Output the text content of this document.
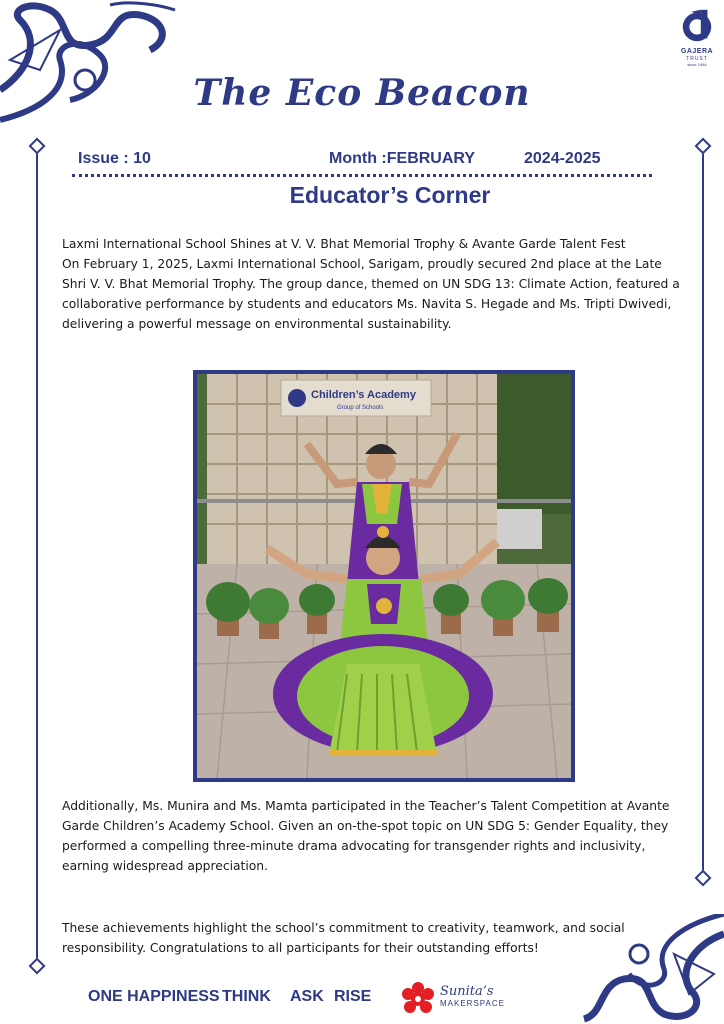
GAJERA
TRUST
since 1984
The Eco Beacon
Issue : 10	Month :FEBRUARY	2024-2025
Educator’s Corner
Laxmi International School Shines at V. V. Bhat Memorial Trophy & Avante Garde Talent Fest
On February 1, 2025, Laxmi International School, Sarigam, proudly secured 2nd place at the Late Shri V. V. Bhat Memorial Trophy. The group dance, themed on UN SDG 13: Climate Action, featured a collaborative performance by students and educators Ms. Navita S. Hegade and Ms. Tripti Dwivedi, delivering a powerful message on environmental sustainability.
Children’s Academy
Group of Schools
Additionally, Ms. Munira and Ms. Mamta participated in the Teacher’s Talent Competition at Avante Garde Children’s Academy School. Given an on-the-spot topic on UN SDG 5: Gender Equality, they performed a compelling three-minute drama advocating for transgender rights and inclusivity, earning widespread appreciation.
These achievements highlight the school’s commitment to creativity, teamwork, and social responsibility. Congratulations to all participants for their outstanding efforts!
ONE HAPPINESS THINK ASK RISE	Sunita’s
MAKERSPACE
